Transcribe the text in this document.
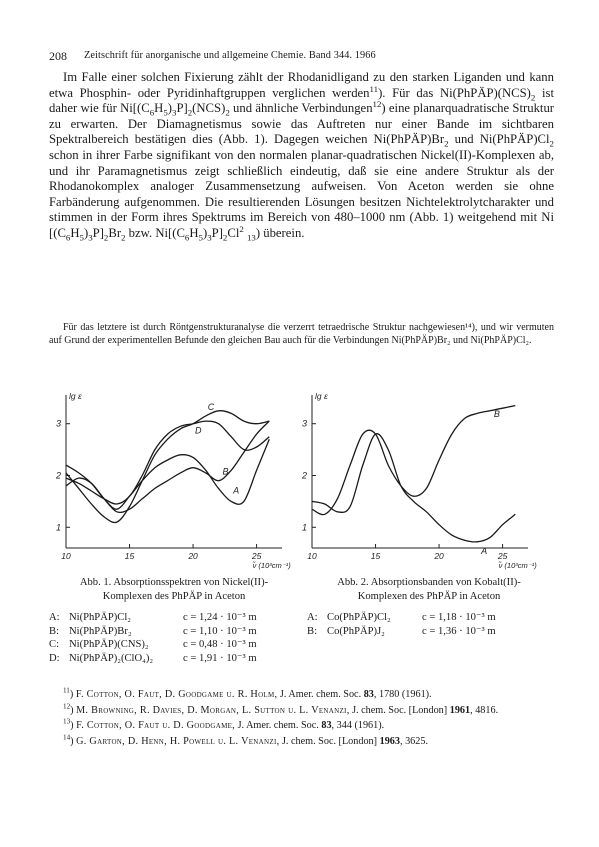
208 Zeitschrift für anorganische und allgemeine Chemie. Band 344. 1966

Im Falle einer solchen Fixierung zählt der Rhodanidligand zu den starken Liganden und kann etwa Phosphin- oder Pyridinhaftgruppen verglichen werden$^{11}$). Für das $Ni(PhPÄP)(NCS)_2$ ist daher wie für $Ni[(C_6H_5)_3P]_2(NCS)_2$ und ähnliche Verbindungen$^{12}$) eine planarquadratische Struktur zu erwarten. Der Diamagnetismus sowie das Auftreten nur einer Bande im sichtbaren Spektralbereich bestätigen dies (Abb. 1). Dagegen weichen $Ni(PhPÄP)Br_2$ und $Ni(PhPÄP)Cl_2$ schon in ihrer Farbe signifikant von den normalen planar-quadratischen Nickel(II)-Komplexen ab, und ihr Paramagnetismus zeigt schließlich eindeutig, daß sie eine andere Struktur als der Rhodanokomplex analoger Zusammensetzung aufweisen. Von Aceton werden sie ohne Farbänderung aufgenommen. Die resultierenden Lösungen besitzen Nichtelektrolytcharakter und stimmen in der Form ihres Spektrums im Bereich von 480–1000 nm (Abb. 1) weitgehend mit Ni $[(C_6H_5)_3P]_2Br_2$ bzw. $Ni[(C_6H_5)_3P]_2Cl^2$ $_{13}$) überein.

Für das letztere ist durch Röntgenstrukturanalyse die verzerrt tetraedrische Struktur nachgewiesen¹⁴), und wir vermuten auf Grund der experimentellen Befunde den gleichen Bau auch für die Verbindungen Ni(PhPÄP)Br₂ und Ni(PhPÄP)Cl₂.

10	15	20	25
1
2
3
lg ε
ν̃ (10³cm⁻¹)
A
B
C
D
10	15	20	25
1
2
3
lg ε
ν̃ (10³cm⁻¹)
A
B
Abb. 1. Absorptionsspektren von Nickel(II)-
Komplexen des PhPÄP in Aceton
A: Ni(PhPÄP)Cl₂	c = 1,24 · 10⁻³ m
B: Ni(PhPÄP)Br₂	c = 1,10 · 10⁻³ m
C: Ni(PhPÄP)(CNS)₂	c = 0,48 · 10⁻³ m
D: Ni(PhPÄP)₂(ClO₄)₂	c = 1,91 · 10⁻³ m
Abb. 2. Absorptionsbanden von Kobalt(II)-
Komplexen des PhPÄP in Aceton
A: Co(PhPÄP)Cl₂	c = 1,18 · 10⁻³ m
B: Co(PhPÄP)J₂	c = 1,36 · 10⁻³ m

$^{11}$) F. Cotton, O. Faut, D. Goodgame u. R. Holm, J. Amer. chem. Soc. 83, 1780 (1961).

$^{12}$) M. Browning, R. Davies, D. Morgan, L. Sutton u. L. Venanzi, J. chem. Soc. [London] 1961, 4816.

$^{13}$) F. Cotton, O. Faut u. D. Goodgame, J. Amer. chem. Soc. 83, 344 (1961).

$^{14}$) G. Garton, D. Henn, H. Powell u. L. Venanzi, J. chem. Soc. [London] 1963, 3625.
